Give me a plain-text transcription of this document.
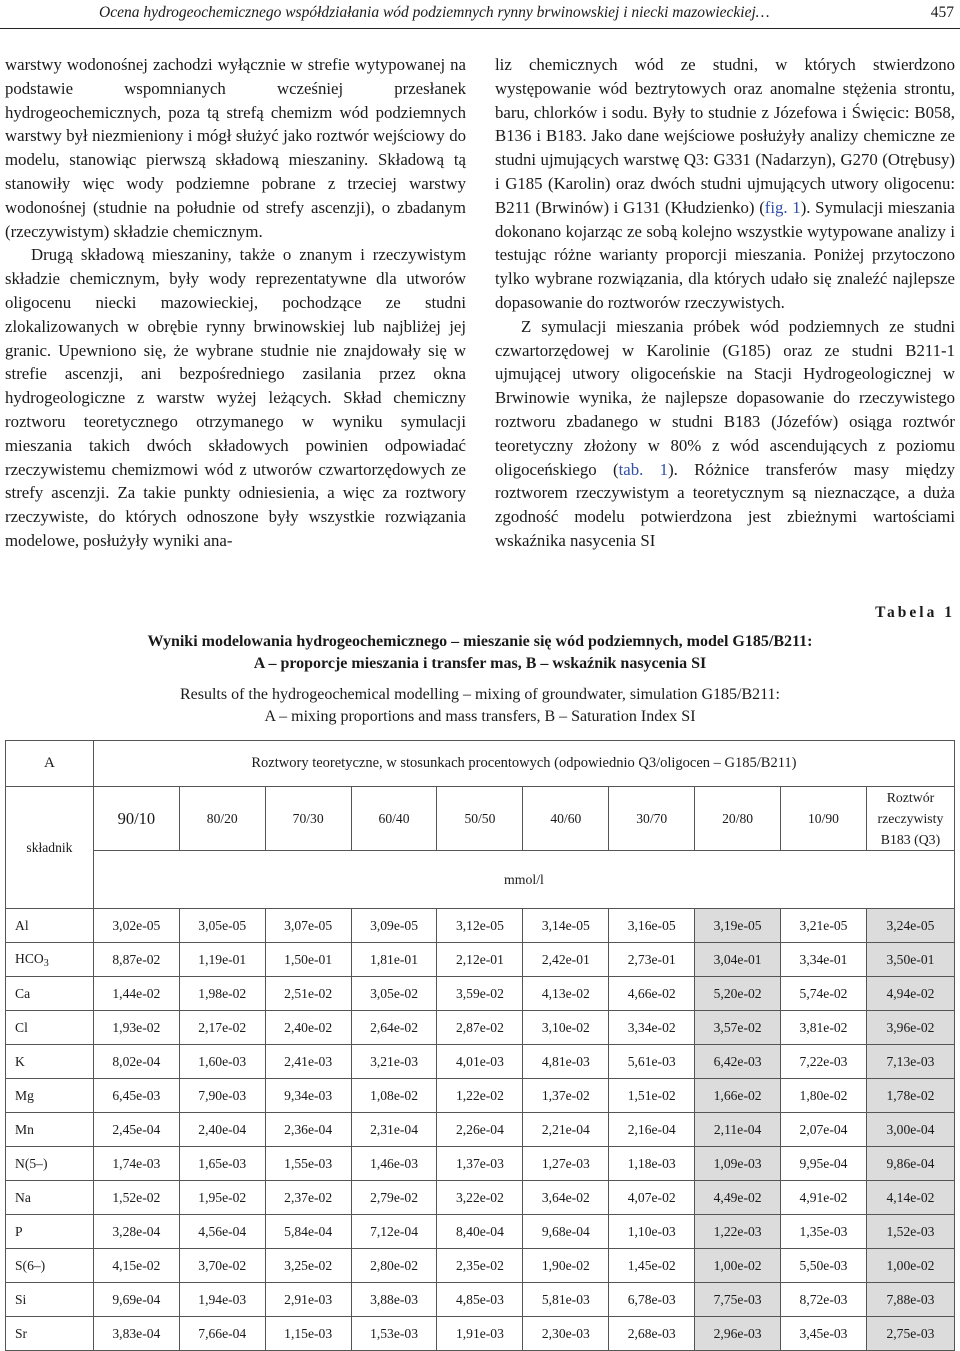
Ocena hydrogeochemicznego współdziałania wód podziemnych rynny brwinowskiej i niecki mazowieckiej…	457

warstwy wodonośnej zachodzi wyłącznie w strefie wytypowanej na podstawie wspomnianych wcześniej przesłanek hydrogeochemicznych, poza tą strefą chemizm wód podziemnych warstwy był niezmieniony i mógł służyć jako roztwór wejściowy do modelu, stanowiąc pierwszą składową mieszaniny. Składową tą stanowiły więc wody podziemne pobrane z trzeciej warstwy wodonośnej (studnie na południe od strefy ascenzji), o zbadanym (rzeczywistym) składzie chemicznym.

Drugą składową mieszaniny, także o znanym i rzeczywistym składzie chemicznym, były wody reprezentatywne dla utworów oligocenu niecki mazowieckiej, pochodzące ze studni zlokalizowanych w obrębie rynny brwinowskiej lub najbliżej jej granic. Upewniono się, że wybrane studnie nie znajdowały się w strefie ascenzji, ani bezpośredniego zasilania przez okna hydrogeologiczne z warstw wyżej leżących. Skład chemiczny roztworu teoretycznego otrzymanego w wyniku symulacji mieszania takich dwóch składowych powinien odpowiadać rzeczywistemu chemizmowi wód z utworów czwartorzędowych ze strefy ascenzji. Za takie punkty odniesienia, a więc za roztwory rzeczywiste, do których odnoszone były wszystkie rozwiązania modelowe, posłużyły wyniki ana-

liz chemicznych wód ze studni, w których stwierdzono występowanie wód beztrytowych oraz anomalne stężenia strontu, baru, chlorków i sodu. Były to studnie z Józefowa i Święcic: B058, B136 i B183. Jako dane wejściowe posłużyły analizy chemiczne ze studni ujmujących warstwę Q3: G331 (Nadarzyn), G270 (Otrębusy) i G185 (Karolin) oraz dwóch studni ujmujących utwory oligocenu: B211 (Brwinów) i G131 (Kłudzienko) (fig. 1). Symulacji mieszania dokonano kojarząc ze sobą kolejno wszystkie wytypowane analizy i testując różne warianty proporcji mieszania. Poniżej przytoczono tylko wybrane rozwiązania, dla których udało się znaleźć najlepsze dopasowanie do roztworów rzeczywistych.

Z symulacji mieszania próbek wód podziemnych ze studni czwartorzędowej w Karolinie (G185) oraz ze studni B211-1 ujmującej utwory oligoceńskie na Stacji Hydrogeologicznej w Brwinowie wynika, że najlepsze dopasowanie do rzeczywistego roztworu zbadanego w studni B183 (Józefów) osiąga roztwór teoretyczny złożony w 80% z wód ascendujących z poziomu oligoceńskiego (tab. 1). Różnice transferów masy między roztworem rzeczywistym a teoretycznym są nieznaczące, a duża zgodność modelu potwierdzona jest zbieżnymi wartościami wskaźnika nasycenia SI

Tabela 1
Wyniki modelowania hydrogeochemicznego – mieszanie się wód podziemnych, model G185/B211:
A – proporcje mieszania i transfer mas, B – wskaźnik nasycenia SI
Results of the hydrogeochemical modelling – mixing of groundwater, simulation G185/B211:
A – mixing proportions and mass transfers, B – Saturation Index SI
A	Roztwory teoretyczne, w stosunkach procentowych (odpowiednio Q3/oligocen – G185/B211)									
składnik	90/10	80/20	70/30	60/40	50/50	40/60	30/70	20/80	10/90	Roztwór
rzeczywisty
B183 (Q3)

	mmol/l									
Al	3,02e-05	3,05e-05	3,07e-05	3,09e-05	3,12e-05	3,14e-05	3,16e-05	3,19e-05	3,21e-05	3,24e-05
$HCO_3$	8,87e-02	1,19e-01	1,50e-01	1,81e-01	2,12e-01	2,42e-01	2,73e-01	3,04e-01	3,34e-01	3,50e-01
Ca	1,44e-02	1,98e-02	2,51e-02	3,05e-02	3,59e-02	4,13e-02	4,66e-02	5,20e-02	5,74e-02	4,94e-02
Cl	1,93e-02	2,17e-02	2,40e-02	2,64e-02	2,87e-02	3,10e-02	3,34e-02	3,57e-02	3,81e-02	3,96e-02
K	8,02e-04	1,60e-03	2,41e-03	3,21e-03	4,01e-03	4,81e-03	5,61e-03	6,42e-03	7,22e-03	7,13e-03
Mg	6,45e-03	7,90e-03	9,34e-03	1,08e-02	1,22e-02	1,37e-02	1,51e-02	1,66e-02	1,80e-02	1,78e-02
Mn	2,45e-04	2,40e-04	2,36e-04	2,31e-04	2,26e-04	2,21e-04	2,16e-04	2,11e-04	2,07e-04	3,00e-04
N(5–)	1,74e-03	1,65e-03	1,55e-03	1,46e-03	1,37e-03	1,27e-03	1,18e-03	1,09e-03	9,95e-04	9,86e-04
Na	1,52e-02	1,95e-02	2,37e-02	2,79e-02	3,22e-02	3,64e-02	4,07e-02	4,49e-02	4,91e-02	4,14e-02
P	3,28e-04	4,56e-04	5,84e-04	7,12e-04	8,40e-04	9,68e-04	1,10e-03	1,22e-03	1,35e-03	1,52e-03
S(6–)	4,15e-02	3,70e-02	3,25e-02	2,80e-02	2,35e-02	1,90e-02	1,45e-02	1,00e-02	5,50e-03	1,00e-02
Si	9,69e-04	1,94e-03	2,91e-03	3,88e-03	4,85e-03	5,81e-03	6,78e-03	7,75e-03	8,72e-03	7,88e-03
Sr	3,83e-04	7,66e-04	1,15e-03	1,53e-03	1,91e-03	2,30e-03	2,68e-03	2,96e-03	3,45e-03	2,75e-03
